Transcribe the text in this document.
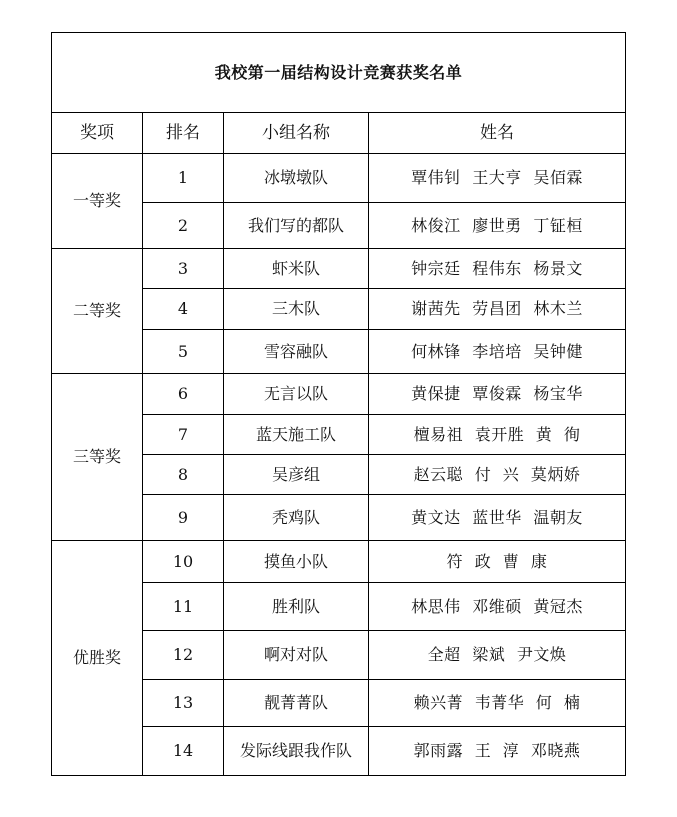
我校第一届结构设计竞赛获奖名单			
奖项	排名	小组名称	姓名
一等奖	1	冰墩墩队	覃伟钊 王大亨 吴佰霖
	2	我们写的都队	林俊江 廖世勇 丁钲桓
二等奖	3	虾米队	钟宗廷 程伟东 杨景文
	4	三木队	谢茜先 劳昌团 林木兰
	5	雪容融队	何林锋 李培培 吴钟健
三等奖	6	无言以队	黄保捷 覃俊霖 杨宝华
	7	蓝天施工队	檀易祖 袁开胜 黄 徇
	8	吴彦组	赵云聪 付 兴 莫炳娇
	9	秃鸡队	黄文达 蓝世华 温朝友
优胜奖	10	摸鱼小队	符 政 曹 康
	11	胜利队	林思伟 邓维硕 黄冠杰
	12	啊对对队	全超 梁斌 尹文焕
	13	靓菁菁队	赖兴菁 韦菁华 何 楠
	14	发际线跟我作队	郭雨露 王 淳 邓晓燕
